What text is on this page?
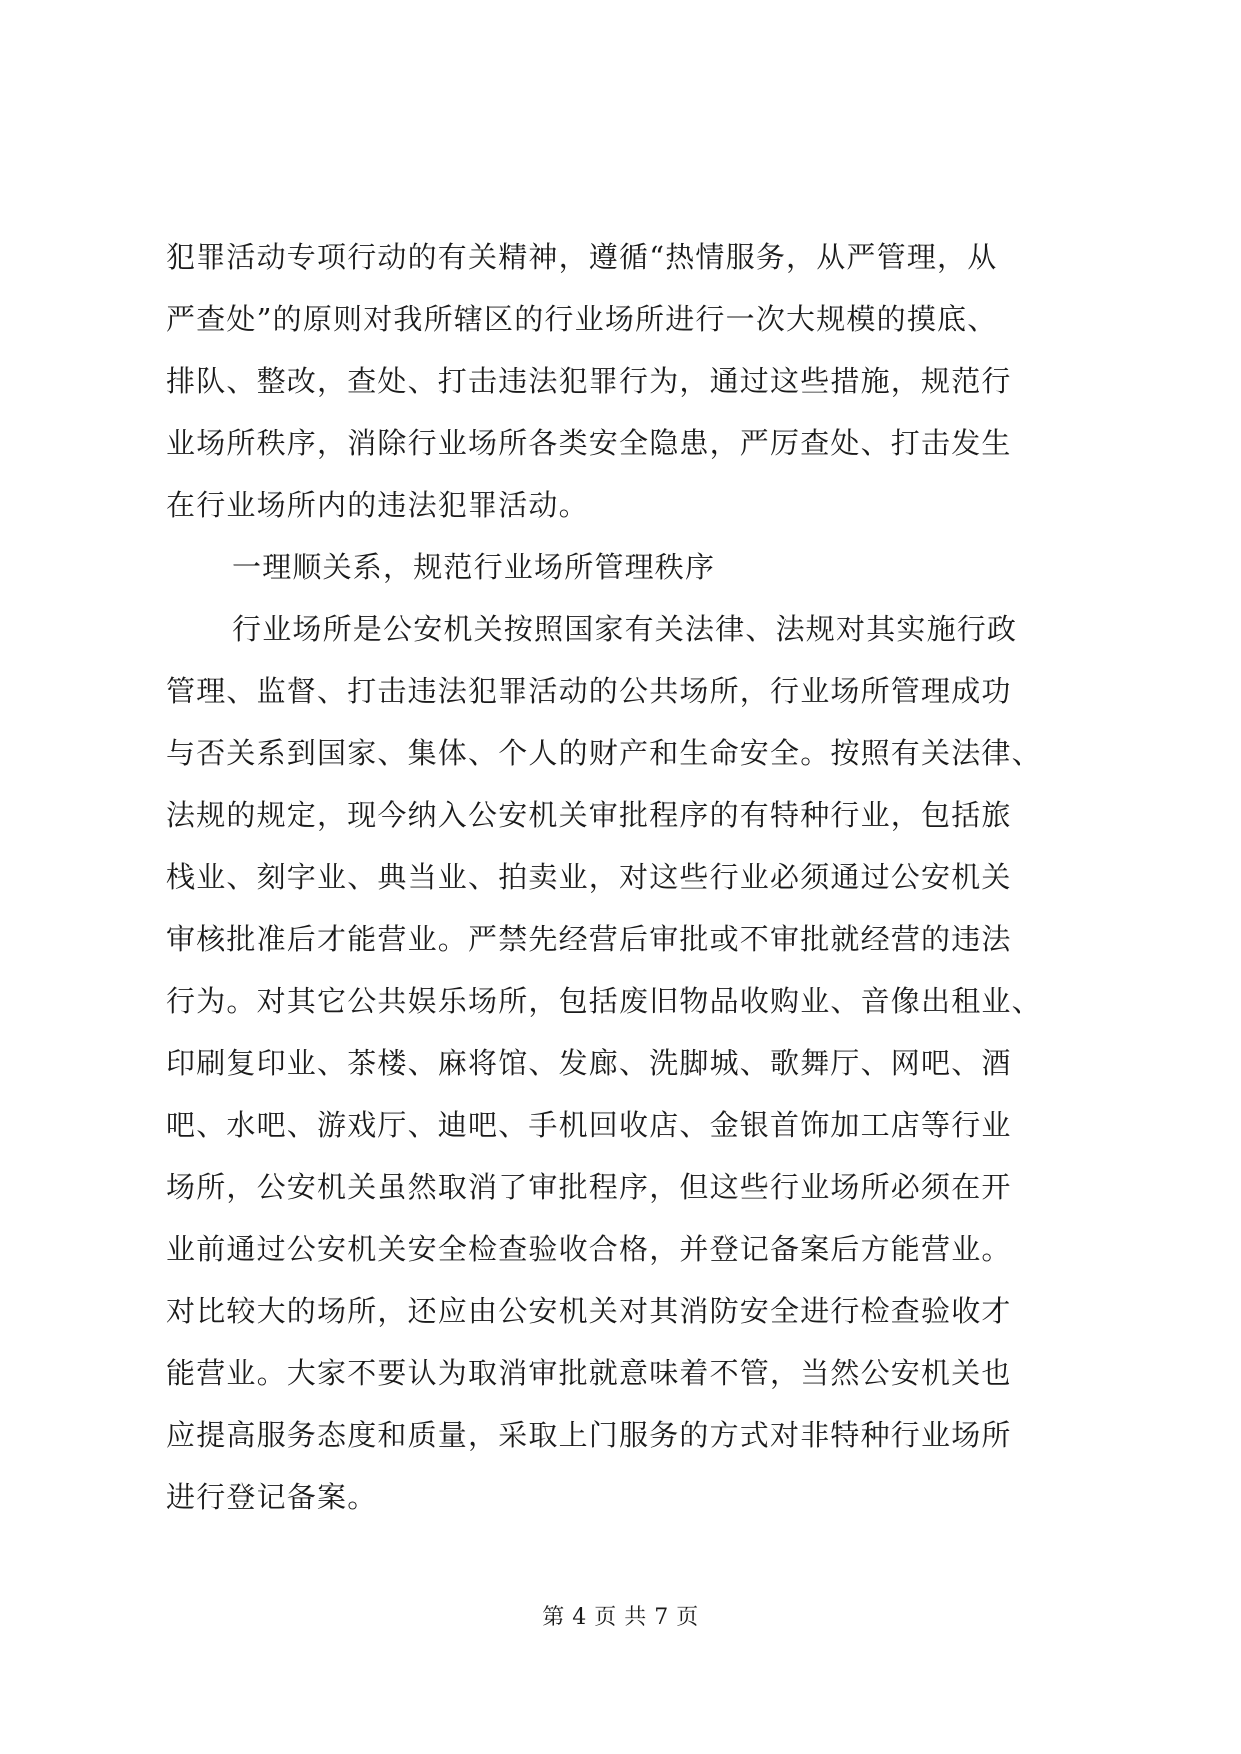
犯罪活动专项行动的有关精神，遵循“热情服务，从严管理，从
严查处”的原则对我所辖区的行业场所进行一次大规模的摸底、
排队、整改，查处、打击违法犯罪行为，通过这些措施，规范行
业场所秩序，消除行业场所各类安全隐患，严厉查处、打击发生
在行业场所内的违法犯罪活动。
一理顺关系，规范行业场所管理秩序
行业场所是公安机关按照国家有关法律、法规对其实施行政
管理、监督、打击违法犯罪活动的公共场所，行业场所管理成功
与否关系到国家、集体、个人的财产和生命安全。按照有关法律、
法规的规定，现今纳入公安机关审批程序的有特种行业，包括旅
栈业、刻字业、典当业、拍卖业，对这些行业必须通过公安机关
审核批准后才能营业。严禁先经营后审批或不审批就经营的违法
行为。对其它公共娱乐场所，包括废旧物品收购业、音像出租业、
印刷复印业、茶楼、麻将馆、发廊、洗脚城、歌舞厅、网吧、酒
吧、水吧、游戏厅、迪吧、手机回收店、金银首饰加工店等行业
场所，公安机关虽然取消了审批程序，但这些行业场所必须在开
业前通过公安机关安全检查验收合格，并登记备案后方能营业。
对比较大的场所，还应由公安机关对其消防安全进行检查验收才
能营业。大家不要认为取消审批就意味着不管，当然公安机关也
应提高服务态度和质量，采取上门服务的方式对非特种行业场所
进行登记备案。
第 4 页 共 7 页
